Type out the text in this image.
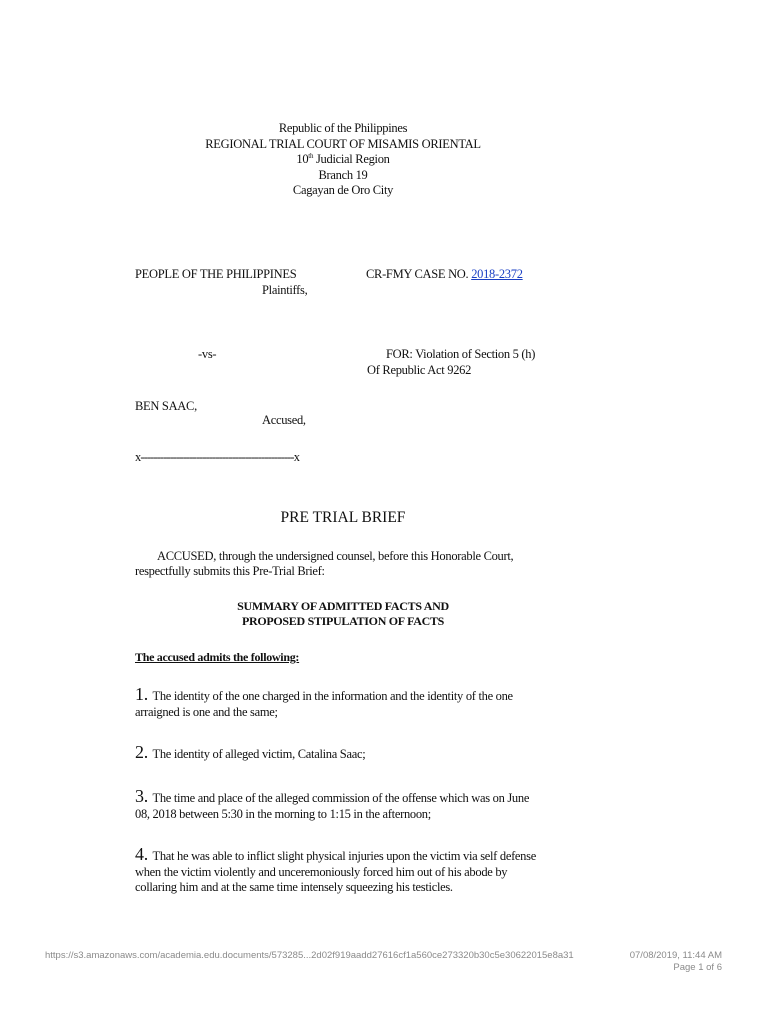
Republic of the Philippines
REGIONAL TRIAL COURT OF MISAMIS ORIENTAL
10th Judicial Region
Branch 19
Cagayan de Oro City
PEOPLE OF THE PHILIPPINES
Plaintiffs,
CR-FMY CASE NO. 2018-2372
-vs-	FOR: Violation of Section 5 (h)
Of Republic Act 9262
BEN SAAC,
Accused,
x-----------------------------------------------x
PRE TRIAL BRIEF
ACCUSED, through the undersigned counsel, before this Honorable Court,
respectfully submits this Pre-Trial Brief:
SUMMARY OF ADMITTED FACTS AND
PROPOSED STIPULATION OF FACTS
The accused admits the following:
1. The identity of the one charged in the information and the identity of the one
arraigned is one and the same;
2. The identity of alleged victim, Catalina Saac;
3. The time and place of the alleged commission of the offense which was on June
08, 2018 between 5:30 in the morning to 1:15 in the afternoon;
4. That he was able to inflict slight physical injuries upon the victim via self defense
when the victim violently and unceremoniously forced him out of his abode by
collaring him and at the same time intensely squeezing his testicles.
https://s3.amazonaws.com/academia.edu.documents/573285...2d02f919aadd27616cf1a560ce273320b30c5e30622015e8a31	07/08/2019, 11:44 AM
Page 1 of 6
